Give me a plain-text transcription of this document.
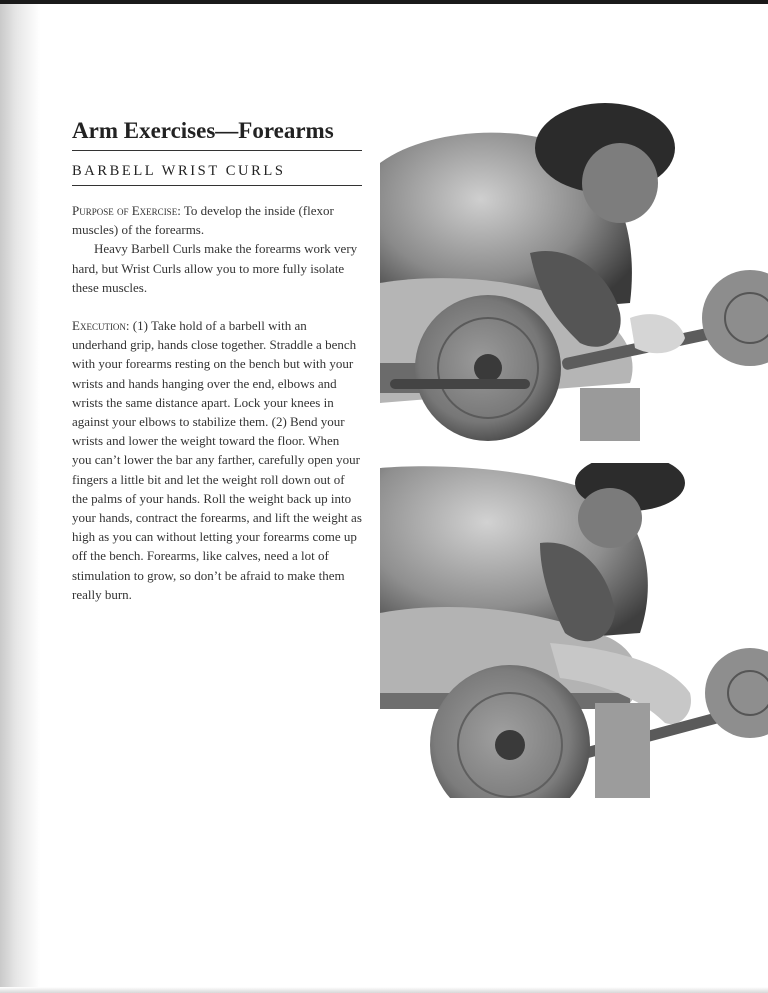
Arm Exercises—Forearms
BARBELL WRIST CURLS

Purpose of Exercise: To develop the inside (flexor muscles) of the forearms.

Heavy Barbell Curls make the forearms work very hard, but Wrist Curls allow you to more fully isolate these muscles.

Execution: (1) Take hold of a barbell with an underhand grip, hands close together. Straddle a bench with your forearms resting on the bench but with your wrists and hands hanging over the end, elbows and wrists the same distance apart. Lock your knees in against your elbows to stabilize them. (2) Bend your wrists and lower the weight toward the floor. When you can’t lower the bar any farther, carefully open your fingers a little bit and let the weight roll down out of the palms of your hands. Roll the weight back up into your hands, contract the forearms, and lift the weight as high as you can without letting your forearms come up off the bench. Forearms, like calves, need a lot of stimulation to grow, so don’t be afraid to make them really burn.
